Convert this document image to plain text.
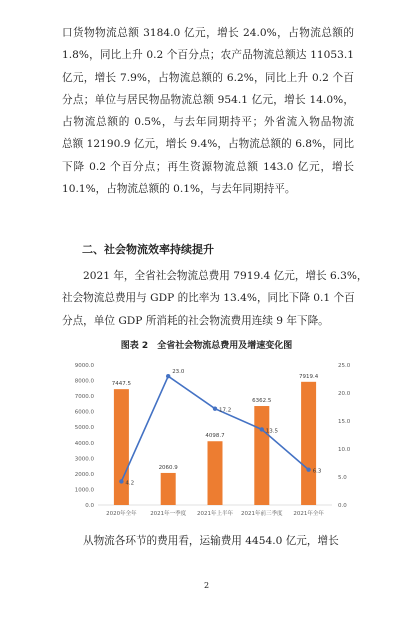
口货物物流总额 3184.0 亿元，增长 24.0%，占物流总额的
1.8%，同比上升 0.2 个百分点；农产品物流总额达 11053.1
亿元，增长 7.9%，占物流总额的 6.2%，同比上升 0.2 个百
分点；单位与居民物品物流总额 954.1 亿元，增长 14.0%，
占物流总额的 0.5%，与去年同期持平；外省流入物品物流
总额 12190.9 亿元，增长 9.4%，占物流总额的 6.8%，同比
下降 0.2 个百分点；再生资源物流总额 143.0 亿元，增长
10.1%，占物流总额的 0.1%，与去年同期持平。
二、社会物流效率持续提升
2021 年，全省社会物流总费用 7919.4 亿元，增长 6.3%，
社会物流总费用与 GDP 的比率为 13.4%，同比下降 0.1 个百
分点，单位 GDP 所消耗的社会物流费用连续 9 年下降。
图表 2　全省社会物流总费用及增速变化图
0.0
1000.0
2000.0
3000.0
4000.0
5000.0
6000.0
7000.0
8000.0
9000.0
0.0
5.0
10.0
15.0
20.0
25.0
7447.5
2060.9
4098.7
6362.5
7919.4
2020年全年 2021年一季度 2021年上半年 2021年前三季度 2021年全年
4.2
23.0
17.2
13.5
6.3
从物流各环节的费用看，运输费用 4454.0 亿元，增长
2
